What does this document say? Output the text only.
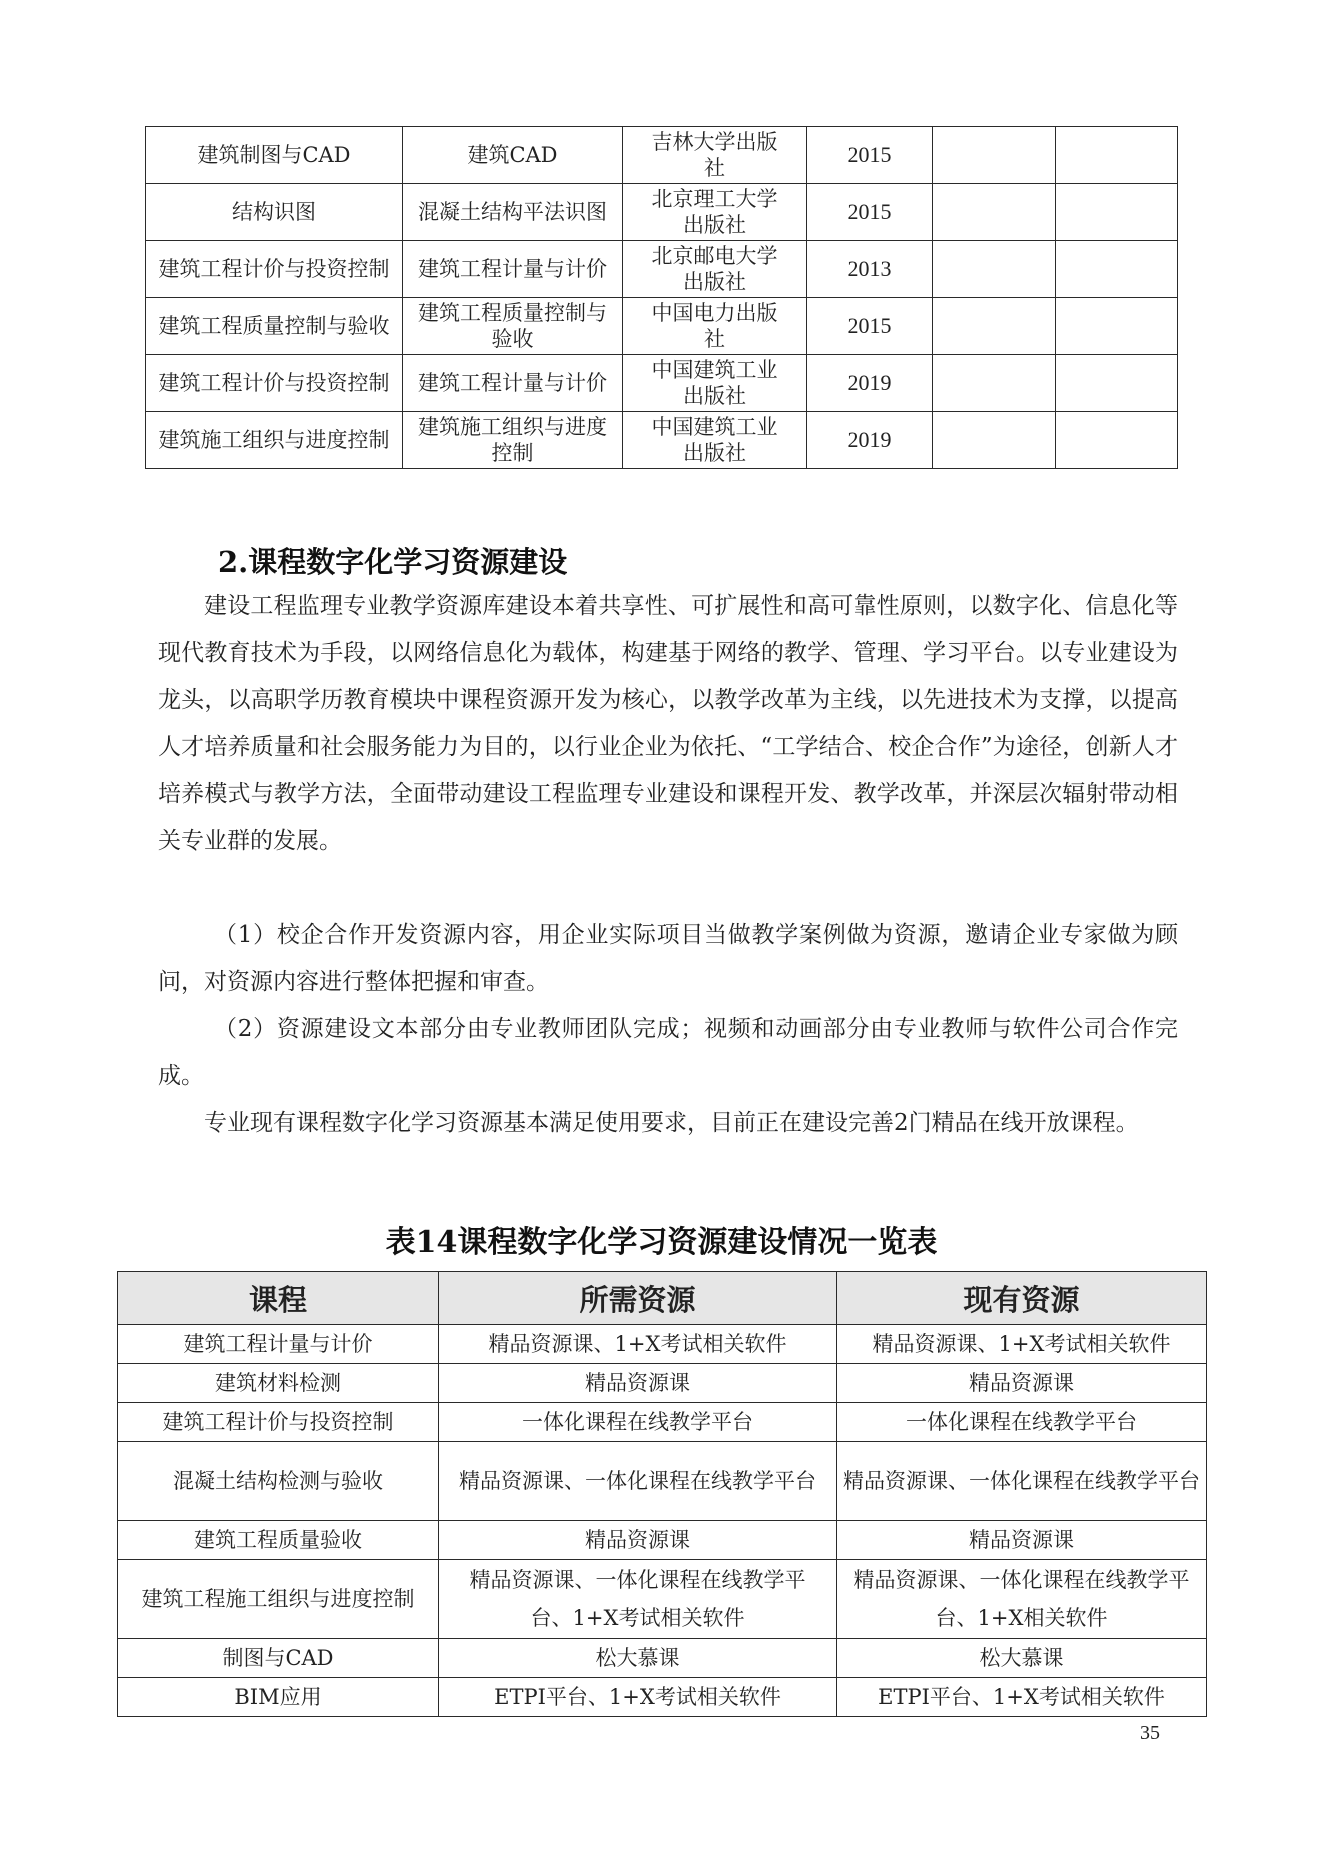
建筑制图与CAD	建筑CAD	吉林大学出版社	2015		
结构识图	混凝土结构平法识图	北京理工大学出版社	2015		
建筑工程计价与投资控制	建筑工程计量与计价	北京邮电大学出版社	2013		
建筑工程质量控制与验收	建筑工程质量控制与验收	中国电力出版社	2015		
建筑工程计价与投资控制	建筑工程计量与计价	中国建筑工业出版社	2019		
建筑施工组织与进度控制	建筑施工组织与进度控制	中国建筑工业出版社	2019		
2.课程数字化学习资源建设

建设工程监理专业教学资源库建设本着共享性、可扩展性和高可靠性原则，以数字化、信息化等现代教育技术为手段，以网络信息化为载体，构建基于网络的教学、管理、学习平台。以专业建设为龙头，以高职学历教育模块中课程资源开发为核心，以教学改革为主线，以先进技术为支撑，以提高人才培养质量和社会服务能力为目的，以行业企业为依托、“工学结合、校企合作”为途径，创新人才培养模式与教学方法，全面带动建设工程监理专业建设和课程开发、教学改革，并深层次辐射带动相关专业群的发展。

（1）校企合作开发资源内容，用企业实际项目当做教学案例做为资源，邀请企业专家做为顾问，对资源内容进行整体把握和审查。

（2）资源建设文本部分由专业教师团队完成；视频和动画部分由专业教师与软件公司合作完成。

专业现有课程数字化学习资源基本满足使用要求，目前正在建设完善2门精品在线开放课程。

表14课程数字化学习资源建设情况一览表
课程	所需资源	现有资源
建筑工程计量与计价	精品资源课、1+X考试相关软件	精品资源课、1+X考试相关软件
建筑材料检测	精品资源课	精品资源课
建筑工程计价与投资控制	一体化课程在线教学平台	一体化课程在线教学平台
混凝土结构检测与验收	精品资源课、一体化课程在线教学平台	精品资源课、一体化课程在线教学平台
建筑工程质量验收	精品资源课	精品资源课
建筑工程施工组织与进度控制	精品资源课、一体化课程在线教学平台、1+X考试相关软件	精品资源课、一体化课程在线教学平台、1+X相关软件
制图与CAD	松大慕课	松大慕课
BIM应用	ETPI平台、1+X考试相关软件	ETPI平台、1+X考试相关软件
35
